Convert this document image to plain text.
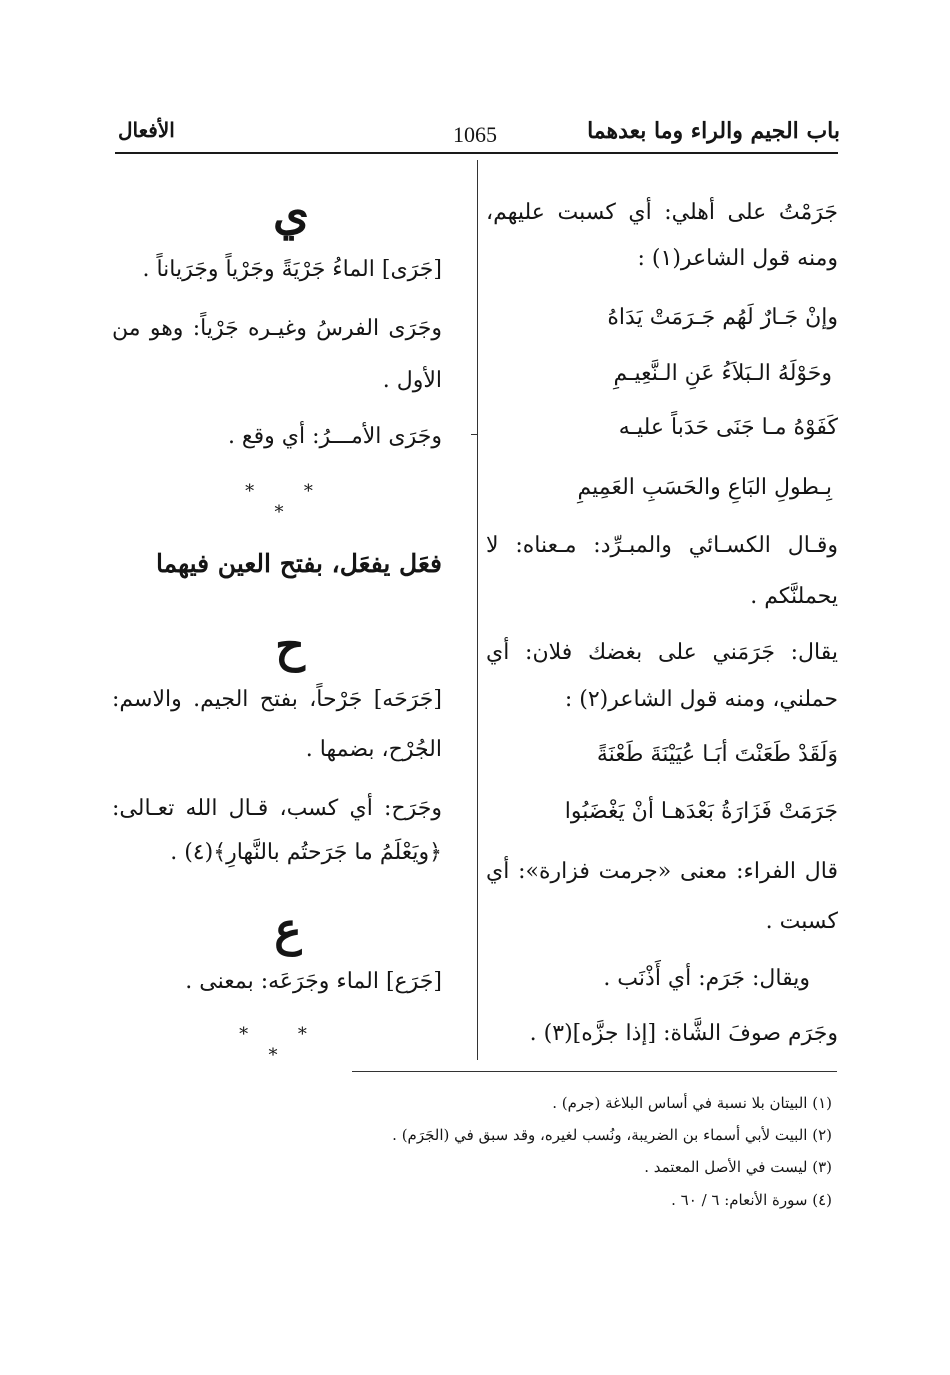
باب الجيم والراء وما بعدهما
1065
الأفعال
جَرَمْتُ على أهلي: أي كسبت عليهم،
ومنه قول الشاعر(١) :
وإنْ جَـارٌ لَهُم جَـرَمَتْ يَدَاهُ
وحَوْلَهُ الـبَلاَءُ عَنِ الـنَّعِيـمِ
كَفَوْهُ مـا جَنَى حَدَباً عليـه
بِـطولِ البَاعِ والحَسَبِ العَمِيمِ
وقـال الكسـائي والمبـرِّد: مـعناه: لا
يحملنَّكم .
يقال: جَرَمَني على بغضك فلان: أي
حملني، ومنه قول الشاعر(٢) :
وَلَقَدْ طَعَنْتَ أبَـا عُيَيْنَةَ طَعْنَةً
جَرَمَتْ فَزَارَةُ بَعْدَهـا أنْ يَغْضَبُوا
قال الفراء: معنى «جرمت فزارة»: أي
كسبت .
ويقال: جَرَم: أي أَذْنَب .
وجَرَم صوفَ الشَّاة: [إذا جزَّه](٣) .
ي
[جَرَى] الماءُ جَرْيَةً وجَرْياً وجَرَياناً .
وجَرَى الفرسُ وغيـره جَرْياً: وهو من
الأول .
وجَرَى الأمـــرُ: أي وقع .
* * *
فعَل يفعَل، بفتح العين فيهما
ح
[جَرَحَه] جَرْحاً، بفتح الجيم. والاسم:
الجُرْح، بضمها .
وجَرَح: أي كسب، قـال الله تعـالى:
﴿ويَعْلَمُ ما جَرَحتُم بالنَّهارِ﴾(٤) .
ع
[جَرَع] الماء وجَرَعَه: بمعنى .
* * *
(١) البيتان بلا نسبة في أساس البلاغة (جرم) .
(٢) البيت لأبي أسماء بن الضريبة، ونُسب لغيره، وقد سبق في (الجَرَم) .
(٣) ليست في الأصل المعتمد .
(٤) سورة الأنعام: ٦ / ٦٠ .
